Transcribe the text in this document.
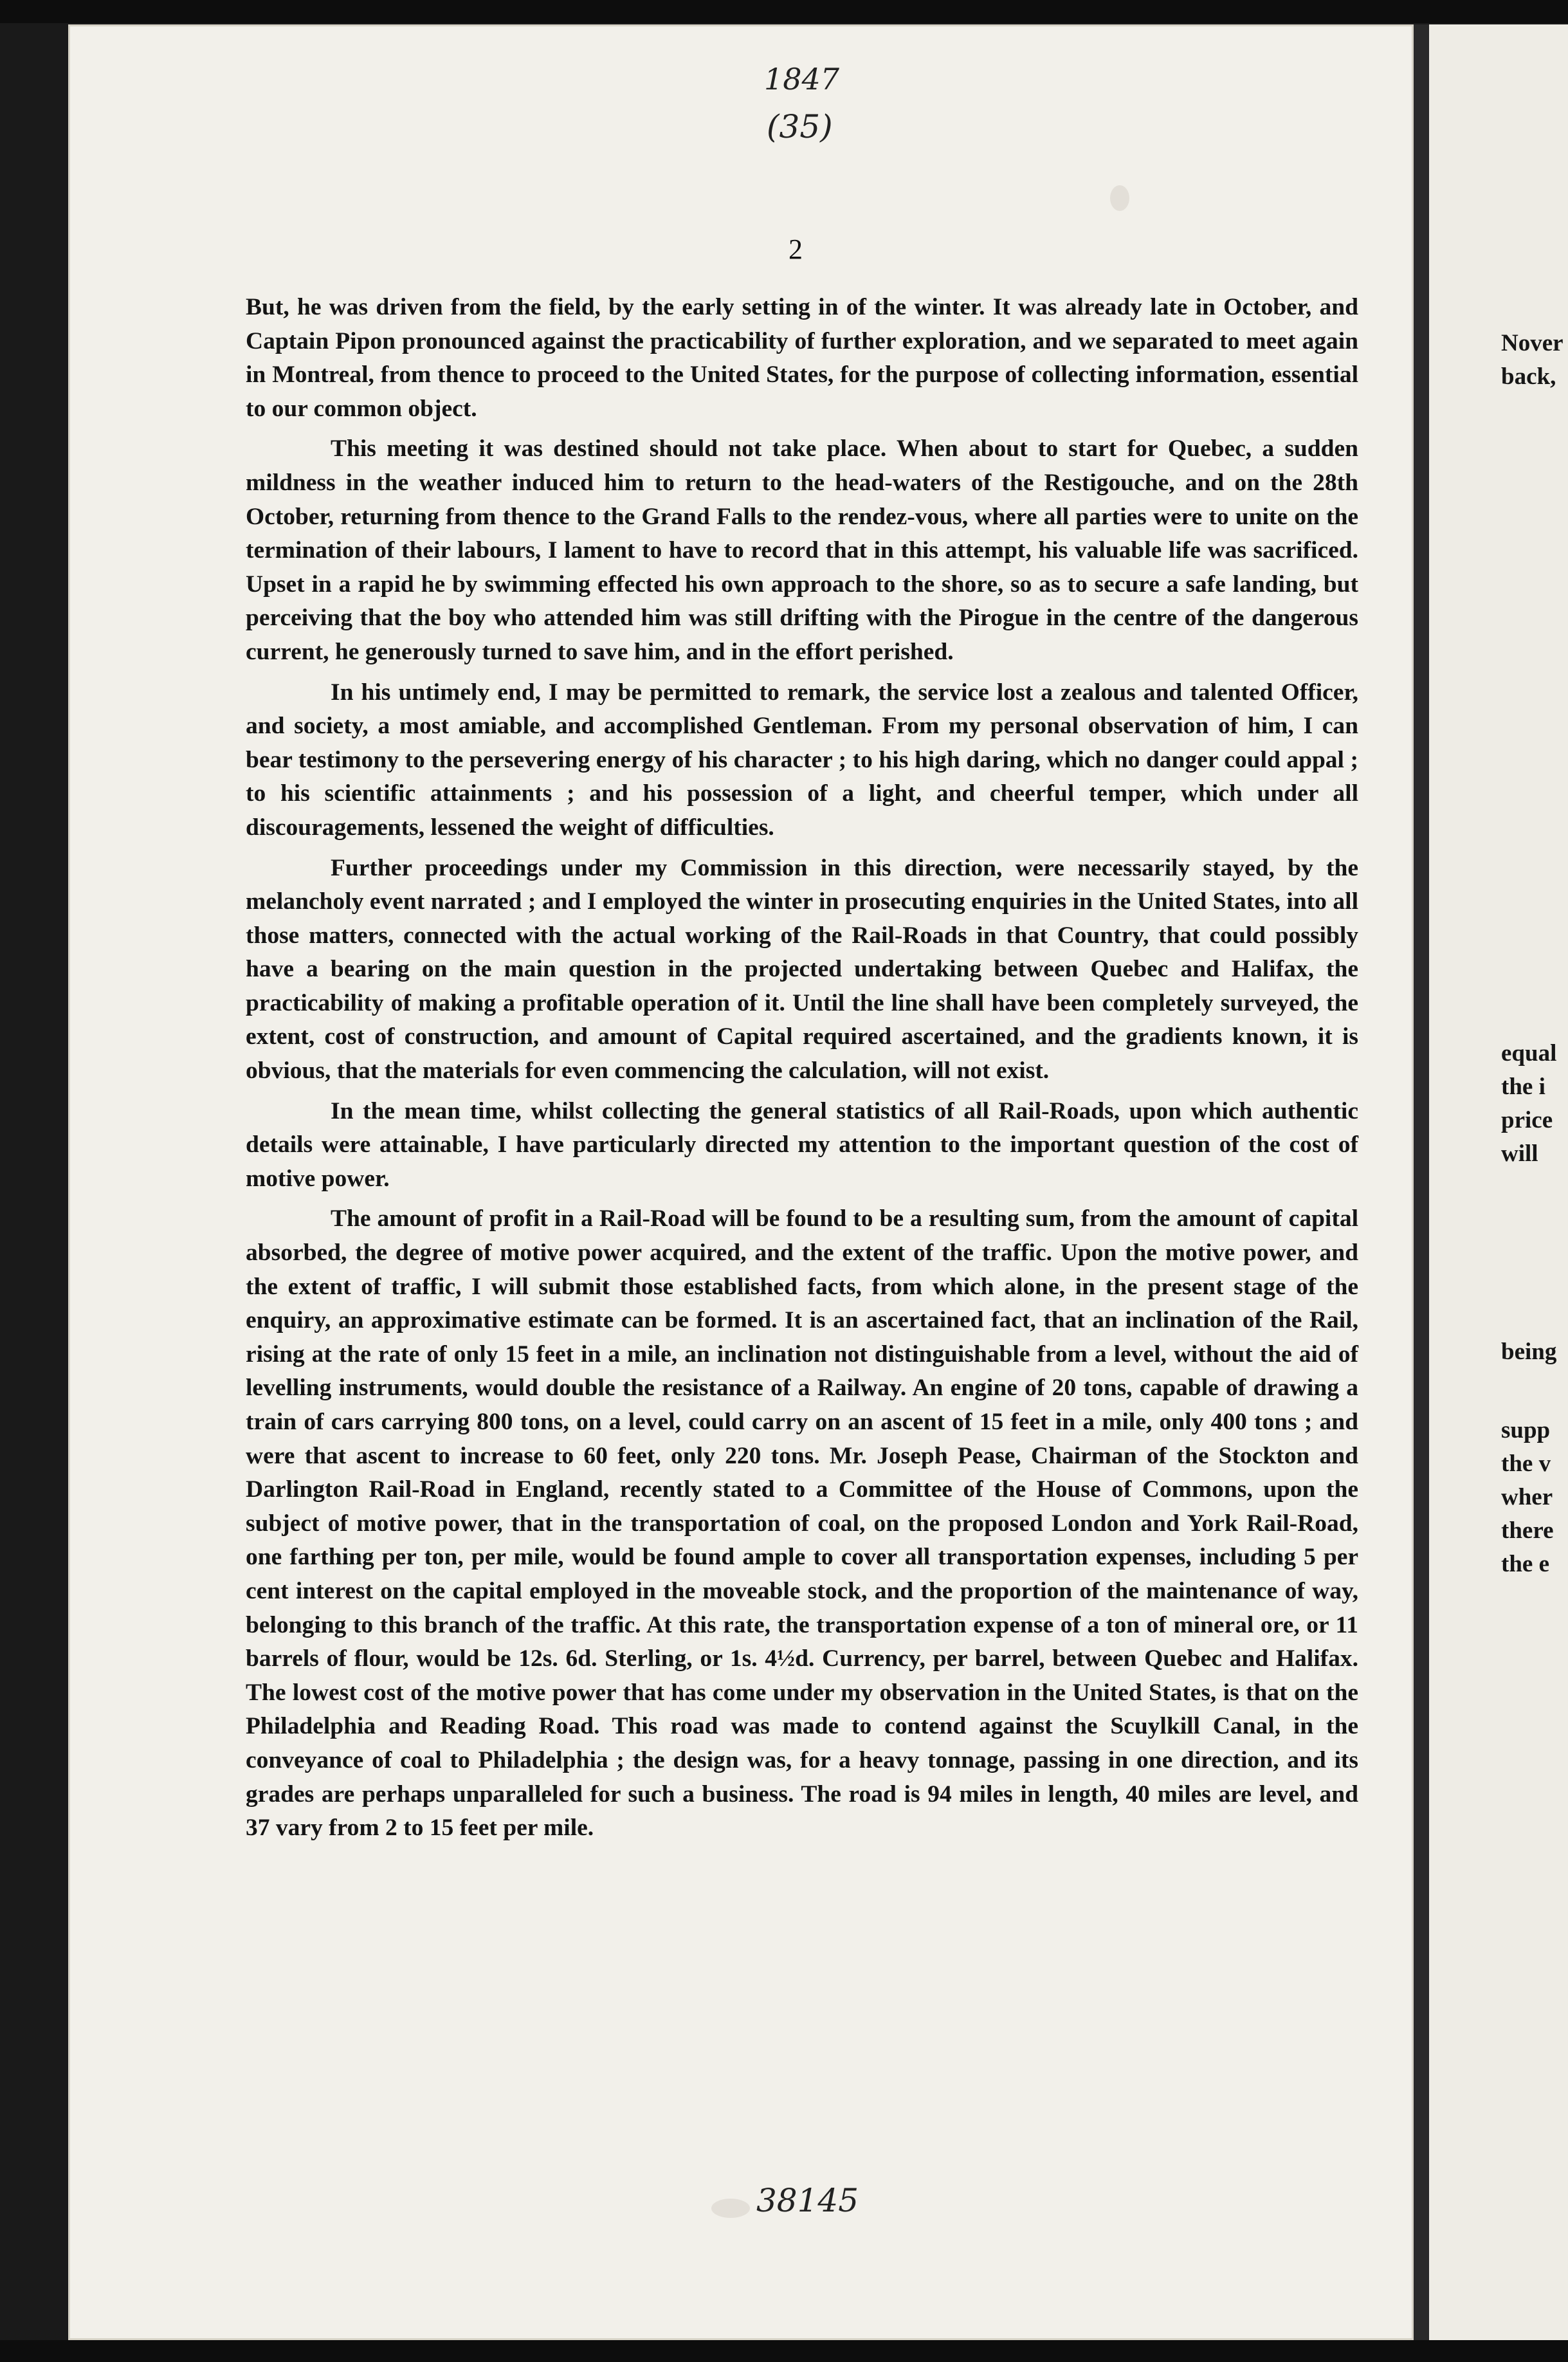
1847
(35)
2

But, he was driven from the field, by the early setting in of the winter. It was already late in October, and Captain Pipon pronounced against the practicability of further exploration, and we separated to meet again in Montreal, from thence to proceed to the United States, for the purpose of collecting information, essential to our common object.

This meeting it was destined should not take place. When about to start for Quebec, a sudden mildness in the weather induced him to return to the head-waters of the Restigouche, and on the 28th October, returning from thence to the Grand Falls to the rendez-vous, where all parties were to unite on the termination of their labours, I lament to have to record that in this attempt, his valuable life was sacrificed. Upset in a rapid he by swimming effected his own approach to the shore, so as to secure a safe landing, but perceiving that the boy who attended him was still drifting with the Pirogue in the centre of the dangerous current, he generously turned to save him, and in the effort perished.

In his untimely end, I may be permitted to remark, the service lost a zealous and talented Officer, and society, a most amiable, and accomplished Gentleman. From my personal observation of him, I can bear testimony to the persevering energy of his character ; to his high daring, which no danger could appal ; to his scientific attainments ; and his possession of a light, and cheerful temper, which under all discouragements, lessened the weight of difficulties.

Further proceedings under my Commission in this direction, were necessarily stayed, by the melancholy event narrated ; and I employed the winter in prosecuting enquiries in the United States, into all those matters, connected with the actual working of the Rail-Roads in that Country, that could possibly have a bearing on the main question in the projected undertaking between Quebec and Halifax, the practicability of making a profitable operation of it. Until the line shall have been completely surveyed, the extent, cost of construction, and amount of Capital required ascertained, and the gradients known, it is obvious, that the materials for even commencing the calculation, will not exist.

In the mean time, whilst collecting the general statistics of all Rail-Roads, upon which authentic details were attainable, I have particularly directed my attention to the important question of the cost of motive power.

The amount of profit in a Rail-Road will be found to be a resulting sum, from the amount of capital absorbed, the degree of motive power acquired, and the extent of the traffic. Upon the motive power, and the extent of traffic, I will submit those established facts, from which alone, in the present stage of the enquiry, an approximative estimate can be formed. It is an ascertained fact, that an inclination of the Rail, rising at the rate of only 15 feet in a mile, an inclination not distinguishable from a level, without the aid of levelling instruments, would double the resistance of a Railway. An engine of 20 tons, capable of drawing a train of cars carrying 800 tons, on a level, could carry on an ascent of 15 feet in a mile, only 400 tons ; and were that ascent to increase to 60 feet, only 220 tons. Mr. Joseph Pease, Chairman of the Stockton and Darlington Rail-Road in England, recently stated to a Committee of the House of Commons, upon the subject of motive power, that in the transportation of coal, on the proposed London and York Rail-Road, one farthing per ton, per mile, would be found ample to cover all transportation expenses, including 5 per cent interest on the capital employed in the moveable stock, and the proportion of the maintenance of way, belonging to this branch of the traffic. At this rate, the transportation expense of a ton of mineral ore, or 11 barrels of flour, would be 12s. 6d. Sterling, or 1s. 4½d. Currency, per barrel, between Quebec and Halifax. The lowest cost of the motive power that has come under my observation in the United States, is that on the Philadelphia and Reading Road. This road was made to contend against the Scuylkill Canal, in the conveyance of coal to Philadelphia ; the design was, for a heavy tonnage, passing in one direction, and its grades are perhaps unparalleled for such a business. The road is 94 miles in length, 40 miles are level, and 37 vary from 2 to 15 feet per mile.

38145
Nover
back,
equal
the i
price
will
being
supp
the v
wher
there
the e
